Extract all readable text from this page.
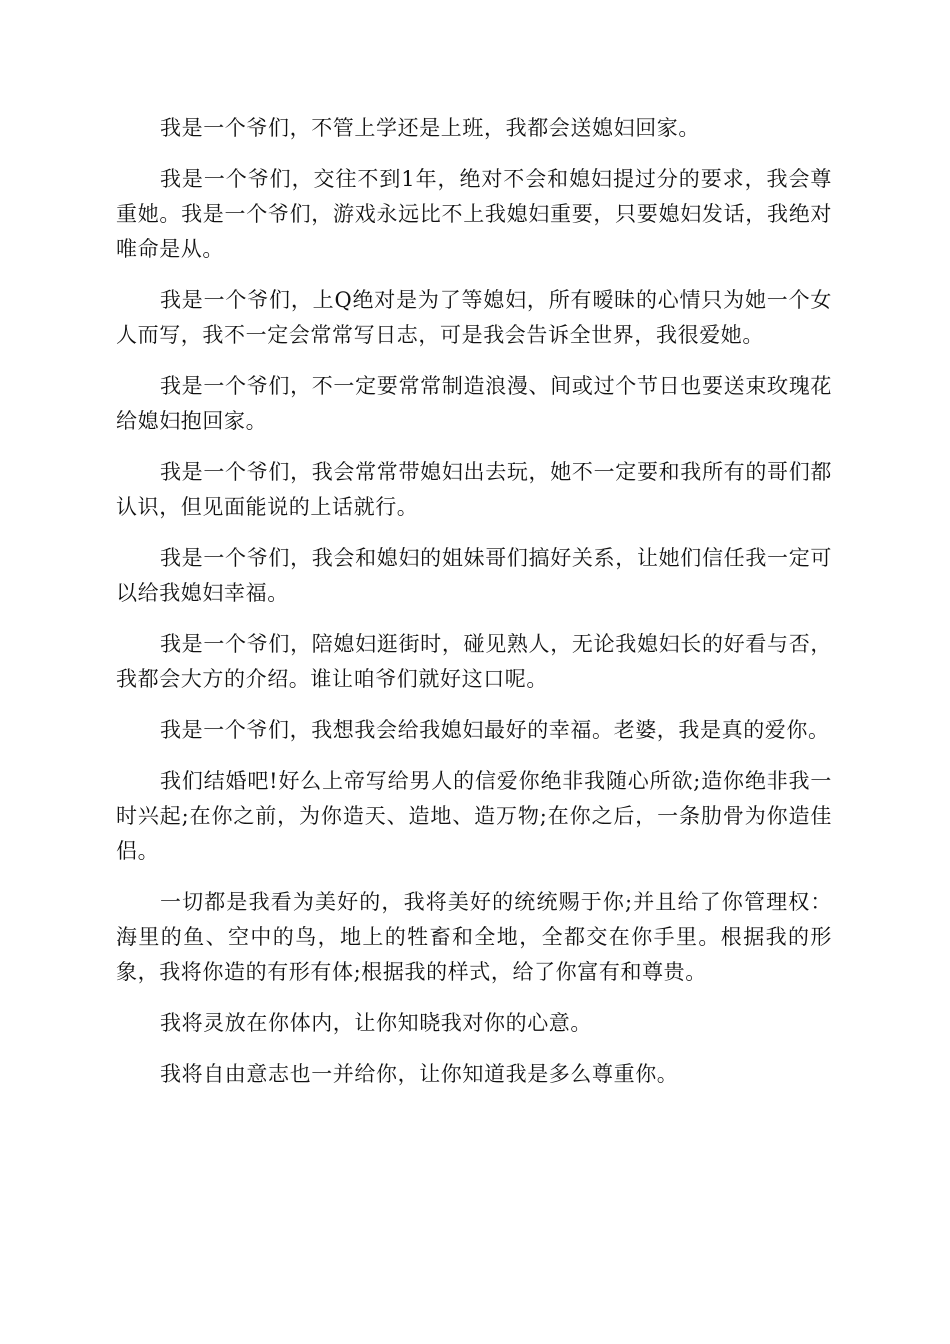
我是一个爷们，不管上学还是上班，我都会送媳妇回家。

我是一个爷们，交往不到1年，绝对不会和媳妇提过分的要求，我会尊重她。我是一个爷们，游戏永远比不上我媳妇重要，只要媳妇发话，我绝对唯命是从。

我是一个爷们，上Q绝对是为了等媳妇，所有暧昧的心情只为她一个女人而写，我不一定会常常写日志，可是我会告诉全世界，我很爱她。

我是一个爷们，不一定要常常制造浪漫、间或过个节日也要送束玫瑰花给媳妇抱回家。

我是一个爷们，我会常常带媳妇出去玩，她不一定要和我所有的哥们都认识，但见面能说的上话就行。

我是一个爷们，我会和媳妇的姐妹哥们搞好关系，让她们信任我一定可以给我媳妇幸福。

我是一个爷们，陪媳妇逛街时，碰见熟人，无论我媳妇长的好看与否，我都会大方的介绍。谁让咱爷们就好这口呢。

我是一个爷们，我想我会给我媳妇最好的幸福。老婆，我是真的爱你。

我们结婚吧!好么上帝写给男人的信爱你绝非我随心所欲;造你绝非我一时兴起;在你之前，为你造天、造地、造万物;在你之后，一条肋骨为你造佳侣。

一切都是我看为美好的，我将美好的统统赐于你;并且给了你管理权：海里的鱼、空中的鸟，地上的牲畜和全地，全都交在你手里。根据我的形象，我将你造的有形有体;根据我的样式，给了你富有和尊贵。

我将灵放在你体内，让你知晓我对你的心意。

我将自由意志也一并给你，让你知道我是多么尊重你。
